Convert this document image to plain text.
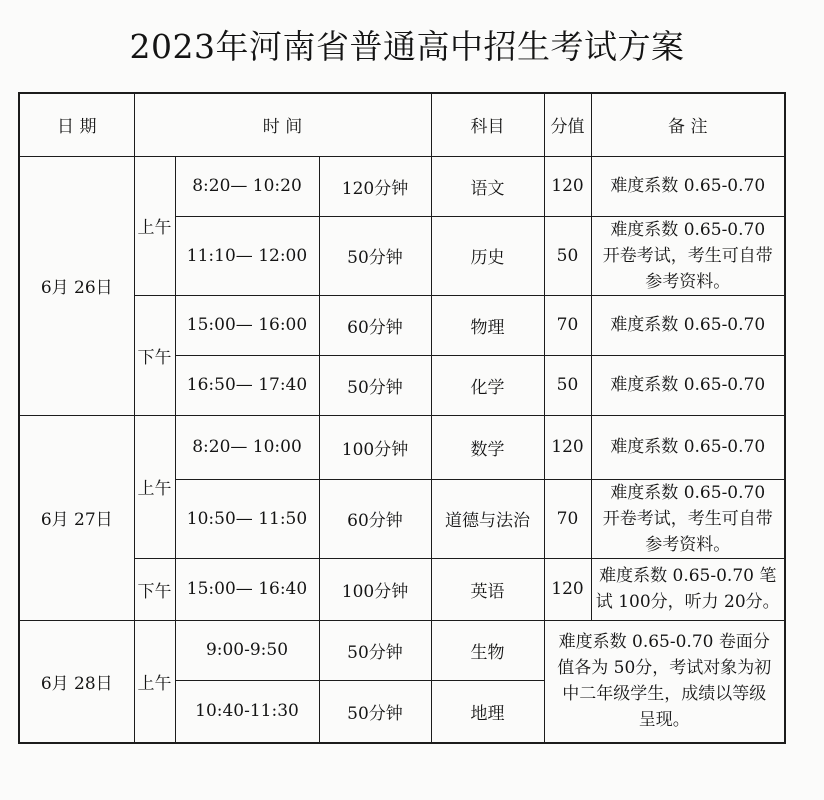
2023年河南省普通高中招生考试方案
日 期	时 间			科目	分值	备 注
6月 26日	上午	8:20— 10:20	120分钟	语文	120	难度系数 0.65-0.70

		11:10— 12:00	50分钟	历史	50	难度系数 0.65-0.70
开卷考试，考生可自带
参考资料。

	下午	15:00— 16:00	60分钟	物理	70	难度系数 0.65-0.70

		16:50— 17:40	50分钟	化学	50	难度系数 0.65-0.70

6月 27日	上午	8:20— 10:00	100分钟	数学	120	难度系数 0.65-0.70

		10:50— 11:50	60分钟	道德与法治	70	难度系数 0.65-0.70
开卷考试，考生可自带
参考资料。

	下午	15:00— 16:40	100分钟	英语	120	难度系数 0.65-0.70 笔
试 100分，听力 20分。

6月 28日	上午	9:00-9:50	50分钟	生物	难度系数 0.65-0.70 卷面分
值各为 50分，考试对象为初
中二年级学生，成绩以等级
呈现。	

		10:40-11:30	50分钟	地理		
